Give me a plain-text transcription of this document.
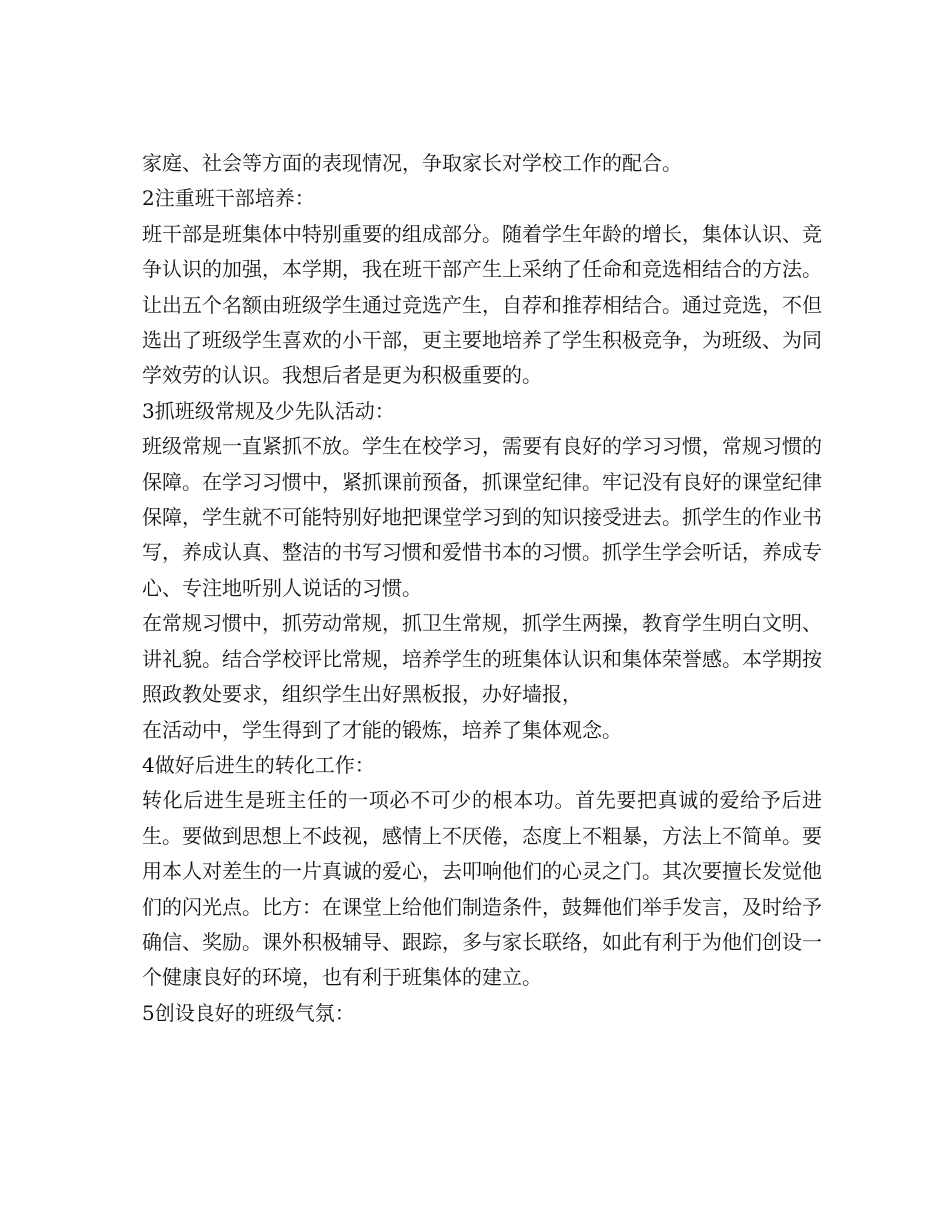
家庭、社会等方面的表现情况，争取家长对学校工作的配合。

2注重班干部培养：

班干部是班集体中特别重要的组成部分。随着学生年龄的增长，集体认识、竞争认识的加强，本学期，我在班干部产生上采纳了任命和竞选相结合的方法。让出五个名额由班级学生通过竞选产生，自荐和推荐相结合。通过竞选，不但选出了班级学生喜欢的小干部，更主要地培养了学生积极竞争，为班级、为同学效劳的认识。我想后者是更为积极重要的。

3抓班级常规及少先队活动：

班级常规一直紧抓不放。学生在校学习，需要有良好的学习习惯，常规习惯的保障。在学习习惯中，紧抓课前预备，抓课堂纪律。牢记没有良好的课堂纪律保障，学生就不可能特别好地把课堂学习到的知识接受进去。抓学生的作业书写，养成认真、整洁的书写习惯和爱惜书本的习惯。抓学生学会听话，养成专心、专注地听别人说话的习惯。

在常规习惯中，抓劳动常规，抓卫生常规，抓学生两操，教育学生明白文明、讲礼貌。结合学校评比常规，培养学生的班集体认识和集体荣誉感。本学期按照政教处要求，组织学生出好黑板报，办好墙报，

在活动中，学生得到了才能的锻炼，培养了集体观念。

4做好后进生的转化工作：

转化后进生是班主任的一项必不可少的根本功。首先要把真诚的爱给予后进生。要做到思想上不歧视，感情上不厌倦，态度上不粗暴，方法上不简单。要用本人对差生的一片真诚的爱心，去叩响他们的心灵之门。其次要擅长发觉他们的闪光点。比方：在课堂上给他们制造条件，鼓舞他们举手发言，及时给予确信、奖励。课外积极辅导、跟踪，多与家长联络，如此有利于为他们创设一个健康良好的环境，也有利于班集体的建立。

5创设良好的班级气氛：
